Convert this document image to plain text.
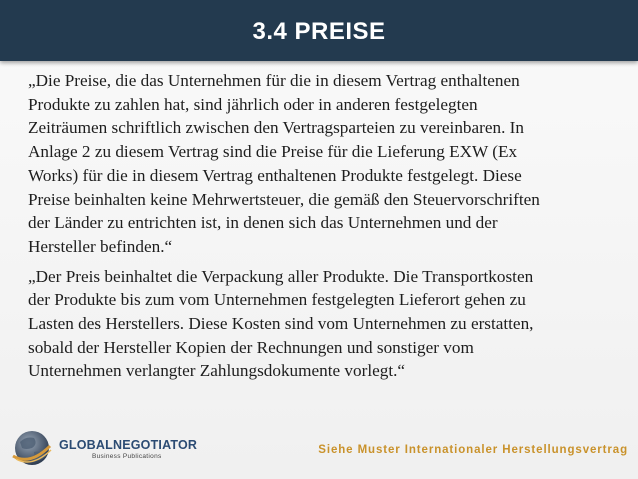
3.4 PREISE

„Die Preise, die das Unternehmen für die in diesem Vertrag enthaltenen
Produkte zu zahlen hat, sind jährlich oder in anderen festgelegten
Zeiträumen schriftlich zwischen den Vertragsparteien zu vereinbaren. In
Anlage 2 zu diesem Vertrag sind die Preise für die Lieferung EXW (Ex
Works) für die in diesem Vertrag enthaltenen Produkte festgelegt. Diese
Preise beinhalten keine Mehrwertsteuer, die gemäß den Steuervorschriften
der Länder zu entrichten ist, in denen sich das Unternehmen und der
Hersteller befinden.“

„Der Preis beinhaltet die Verpackung aller Produkte. Die Transportkosten
der Produkte bis zum vom Unternehmen festgelegten Lieferort gehen zu
Lasten des Herstellers. Diese Kosten sind vom Unternehmen zu erstatten,
sobald der Hersteller Kopien der Rechnungen und sonstiger vom
Unternehmen verlangter Zahlungsdokumente vorlegt.“

GLOBALNEGOTIATOR
Business Publications
Siehe Muster Internationaler Herstellungsvertrag
